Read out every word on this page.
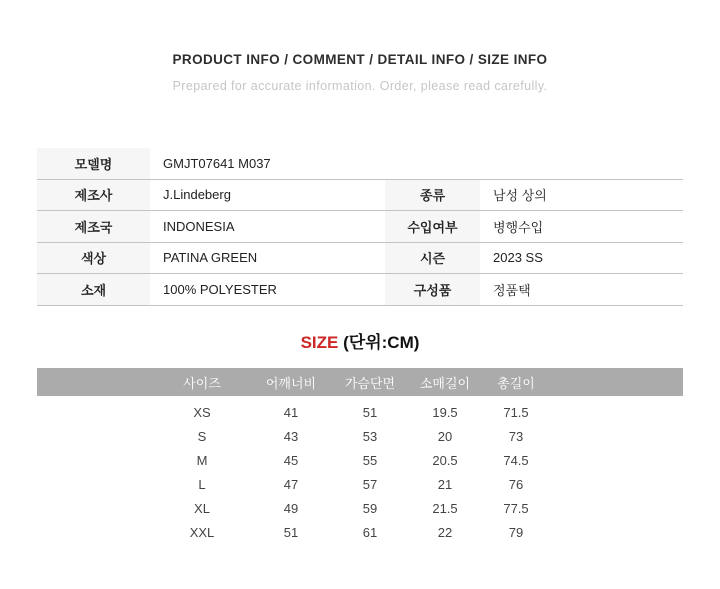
PRODUCT INFO / COMMENT / DETAIL INFO / SIZE INFO
Prepared for accurate information. Order, please read carefully.
모델명	GMJT07641 M037
제조사	J.Lindeberg	종류	남성 상의
제조국	INDONESIA	수입여부	병행수입
색상	PATINA GREEN	시즌	2023 SS
소재	100% POLYESTER	구성품	정품택
SIZE (단위:CM)
사이즈	어깨너비	가슴단면	소매길이	총길이
XS	41	51	19.5	71.5
S	43	53	20	73
M	45	55	20.5	74.5
L	47	57	21	76
XL	49	59	21.5	77.5
XXL	51	61	22	79
